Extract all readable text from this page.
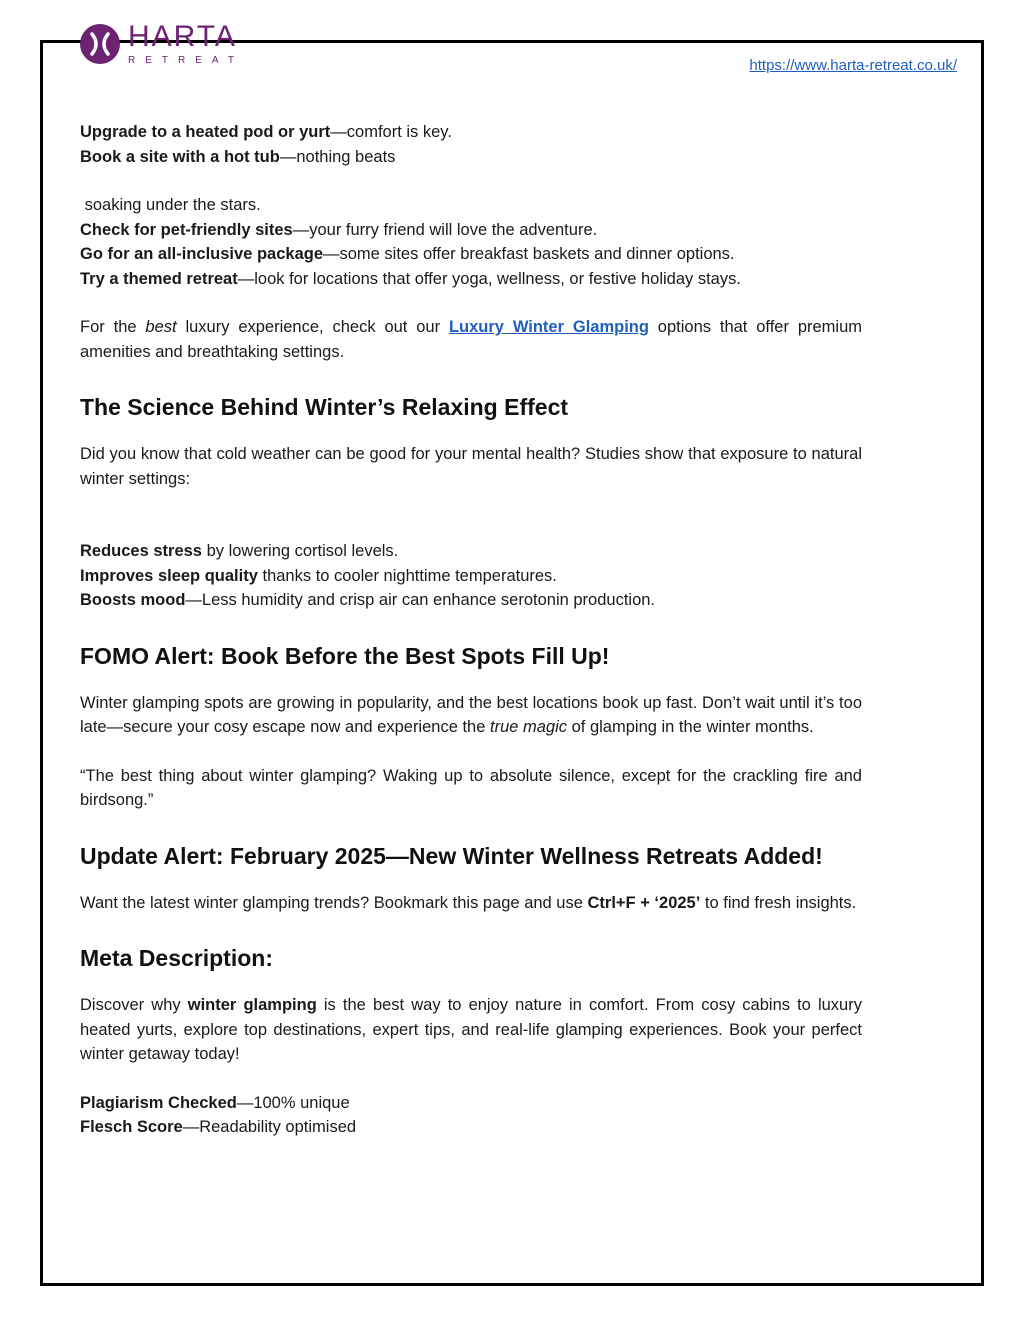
https://www.harta-retreat.co.uk/
HARTA
RETREAT

Upgrade to a heated pod or yurt—comfort is key.

Book a site with a hot tub—nothing beats

soaking under the stars.

Check for pet-friendly sites—your furry friend will love the adventure.

Go for an all-inclusive package—some sites offer breakfast baskets and dinner options.

Try a themed retreat—look for locations that offer yoga, wellness, or festive holiday stays.

For the best luxury experience, check out our Luxury Winter Glamping options that offer premium amenities and breathtaking settings.

The Science Behind Winter’s Relaxing Effect

Did you know that cold weather can be good for your mental health? Studies show that exposure to natural winter settings:

Reduces stress by lowering cortisol levels.

Improves sleep quality thanks to cooler nighttime temperatures.

Boosts mood—Less humidity and crisp air can enhance serotonin production.

FOMO Alert: Book Before the Best Spots Fill Up!

Winter glamping spots are growing in popularity, and the best locations book up fast. Don’t wait until it’s too late—secure your cosy escape now and experience the true magic of glamping in the winter months.

“The best thing about winter glamping? Waking up to absolute silence, except for the crackling fire and birdsong.”

Update Alert: February 2025—New Winter Wellness Retreats Added!

Want the latest winter glamping trends? Bookmark this page and use Ctrl+F + ‘2025’ to find fresh insights.

Meta Description:

Discover why winter glamping is the best way to enjoy nature in comfort. From cosy cabins to luxury heated yurts, explore top destinations, expert tips, and real-life glamping experiences. Book your perfect winter getaway today!

Plagiarism Checked—100% unique

Flesch Score—Readability optimised
